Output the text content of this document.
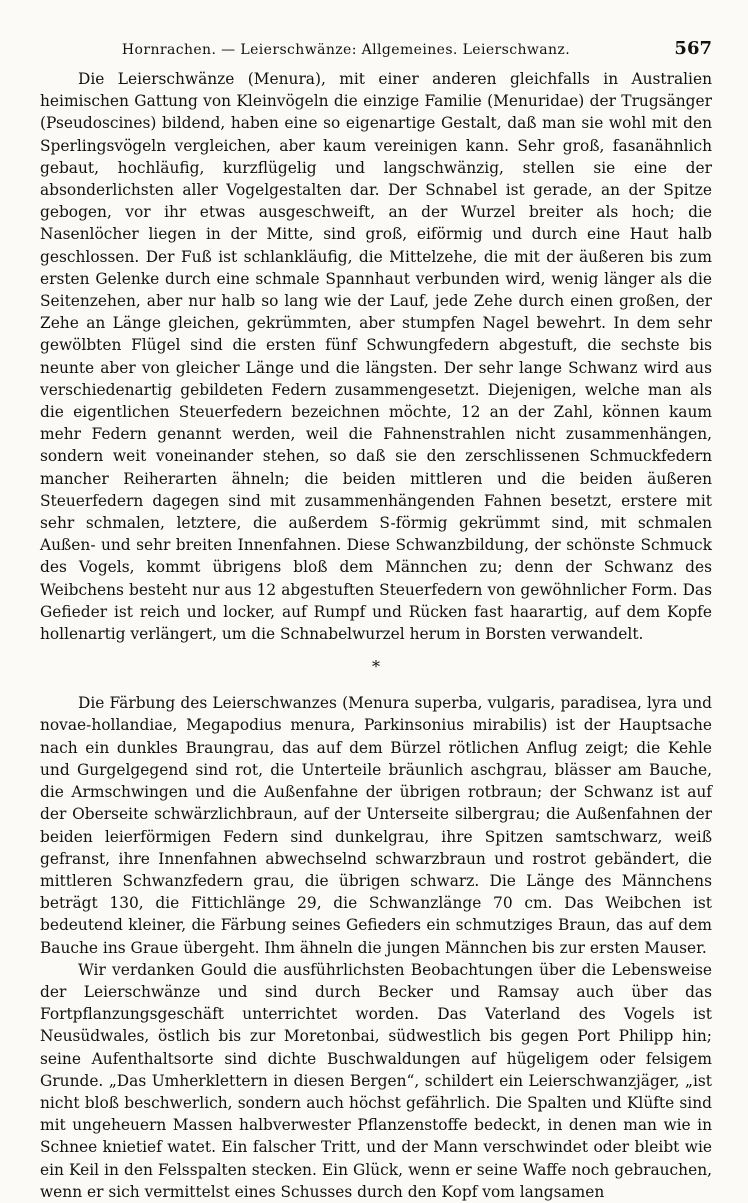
Hornrachen. — Leierschwänze: Allgemeines. Leierschwanz.	567

Die Leierschwänze (Menura), mit einer anderen gleichfalls in Australien heimischen Gattung von Kleinvögeln die einzige Familie (Menuridae) der Trugsänger (Pseudoscines) bildend, haben eine so eigenartige Gestalt, daß man sie wohl mit den Sperlingsvögeln vergleichen, aber kaum vereinigen kann. Sehr groß, fasanähnlich gebaut, hochläufig, kurzflügelig und langschwänzig, stellen sie eine der absonderlichsten aller Vogelgestalten dar. Der Schnabel ist gerade, an der Spitze gebogen, vor ihr etwas ausgeschweift, an der Wurzel breiter als hoch; die Nasenlöcher liegen in der Mitte, sind groß, eiförmig und durch eine Haut halb geschlossen. Der Fuß ist schlankläufig, die Mittelzehe, die mit der äußeren bis zum ersten Gelenke durch eine schmale Spannhaut verbunden wird, wenig länger als die Seitenzehen, aber nur halb so lang wie der Lauf, jede Zehe durch einen großen, der Zehe an Länge gleichen, gekrümmten, aber stumpfen Nagel bewehrt. In dem sehr gewölbten Flügel sind die ersten fünf Schwungfedern abgestuft, die sechste bis neunte aber von gleicher Länge und die längsten. Der sehr lange Schwanz wird aus verschiedenartig gebildeten Federn zusammengesetzt. Diejenigen, welche man als die eigentlichen Steuerfedern bezeichnen möchte, 12 an der Zahl, können kaum mehr Federn genannt werden, weil die Fahnenstrahlen nicht zusammenhängen, sondern weit voneinander stehen, so daß sie den zerschlissenen Schmuckfedern mancher Reiherarten ähneln; die beiden mittleren und die beiden äußeren Steuerfedern dagegen sind mit zusammenhängenden Fahnen besetzt, erstere mit sehr schmalen, letztere, die außerdem S-förmig gekrümmt sind, mit schmalen Außen- und sehr breiten Innenfahnen. Diese Schwanzbildung, der schönste Schmuck des Vogels, kommt übrigens bloß dem Männchen zu; denn der Schwanz des Weibchens besteht nur aus 12 abgestuften Steuerfedern von gewöhnlicher Form. Das Gefieder ist reich und locker, auf Rumpf und Rücken fast haarartig, auf dem Kopfe hollenartig verlängert, um die Schnabelwurzel herum in Borsten verwandelt.

*

Die Färbung des Leierschwanzes (Menura superba, vulgaris, paradisea, lyra und novae-hollandiae, Megapodius menura, Parkinsonius mirabilis) ist der Hauptsache nach ein dunkles Braungrau, das auf dem Bürzel rötlichen Anflug zeigt; die Kehle und Gurgelgegend sind rot, die Unterteile bräunlich aschgrau, blässer am Bauche, die Armschwingen und die Außenfahne der übrigen rotbraun; der Schwanz ist auf der Oberseite schwärzlichbraun, auf der Unterseite silbergrau; die Außenfahnen der beiden leierförmigen Federn sind dunkelgrau, ihre Spitzen samtschwarz, weiß gefranst, ihre Innenfahnen abwechselnd schwarzbraun und rostrot gebändert, die mittleren Schwanzfedern grau, die übrigen schwarz. Die Länge des Männchens beträgt 130, die Fittichlänge 29, die Schwanzlänge 70 cm. Das Weibchen ist bedeutend kleiner, die Färbung seines Gefieders ein schmutziges Braun, das auf dem Bauche ins Graue übergeht. Ihm ähneln die jungen Männchen bis zur ersten Mauser.

Wir verdanken Gould die ausführlichsten Beobachtungen über die Lebensweise der Leierschwänze und sind durch Becker und Ramsay auch über das Fortpflanzungsgeschäft unterrichtet worden. Das Vaterland des Vogels ist Neusüdwales, östlich bis zur Moretonbai, südwestlich bis gegen Port Philipp hin; seine Aufenthaltsorte sind dichte Buschwaldungen auf hügeligem oder felsigem Grunde. „Das Umherklettern in diesen Bergen“, schildert ein Leierschwanzjäger, „ist nicht bloß beschwerlich, sondern auch höchst gefährlich. Die Spalten und Klüfte sind mit ungeheuern Massen halbverwester Pflanzenstoffe bedeckt, in denen man wie in Schnee knietief watet. Ein falscher Tritt, und der Mann verschwindet oder bleibt wie ein Keil in den Felsspalten stecken. Ein Glück, wenn er seine Waffe noch gebrauchen, wenn er sich vermittelst eines Schusses durch den Kopf vom langsamen
